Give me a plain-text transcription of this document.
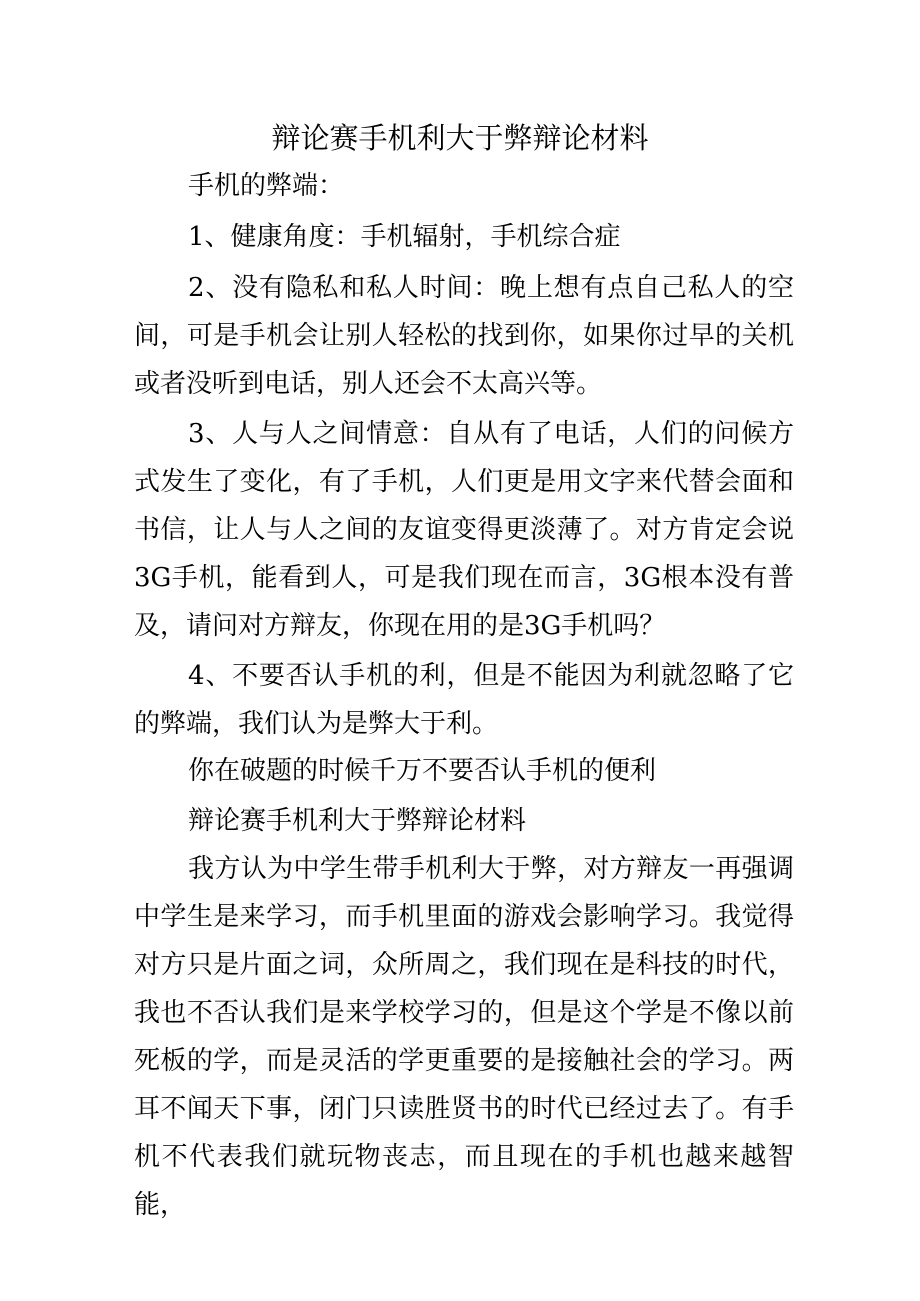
辩论赛手机利大于弊辩论材料

手机的弊端：

1、健康角度：手机辐射，手机综合症

2、没有隐私和私人时间：晚上想有点自己私人的空间，可是手机会让别人轻松的找到你，如果你过早的关机或者没听到电话，别人还会不太高兴等。

3、人与人之间情意：自从有了电话，人们的问候方式发生了变化，有了手机，人们更是用文字来代替会面和书信，让人与人之间的友谊变得更淡薄了。对方肯定会说3G手机，能看到人，可是我们现在而言，3G根本没有普及，请问对方辩友，你现在用的是3G手机吗？

4、不要否认手机的利，但是不能因为利就忽略了它的弊端，我们认为是弊大于利。

你在破题的时候千万不要否认手机的便利

辩论赛手机利大于弊辩论材料

我方认为中学生带手机利大于弊，对方辩友一再强调中学生是来学习，而手机里面的游戏会影响学习。我觉得对方只是片面之词，众所周之，我们现在是科技的时代，我也不否认我们是来学校学习的，但是这个学是不像以前死板的学，而是灵活的学更重要的是接触社会的学习。两耳不闻天下事，闭门只读胜贤书的时代已经过去了。有手机不代表我们就玩物丧志，而且现在的手机也越来越智能，
